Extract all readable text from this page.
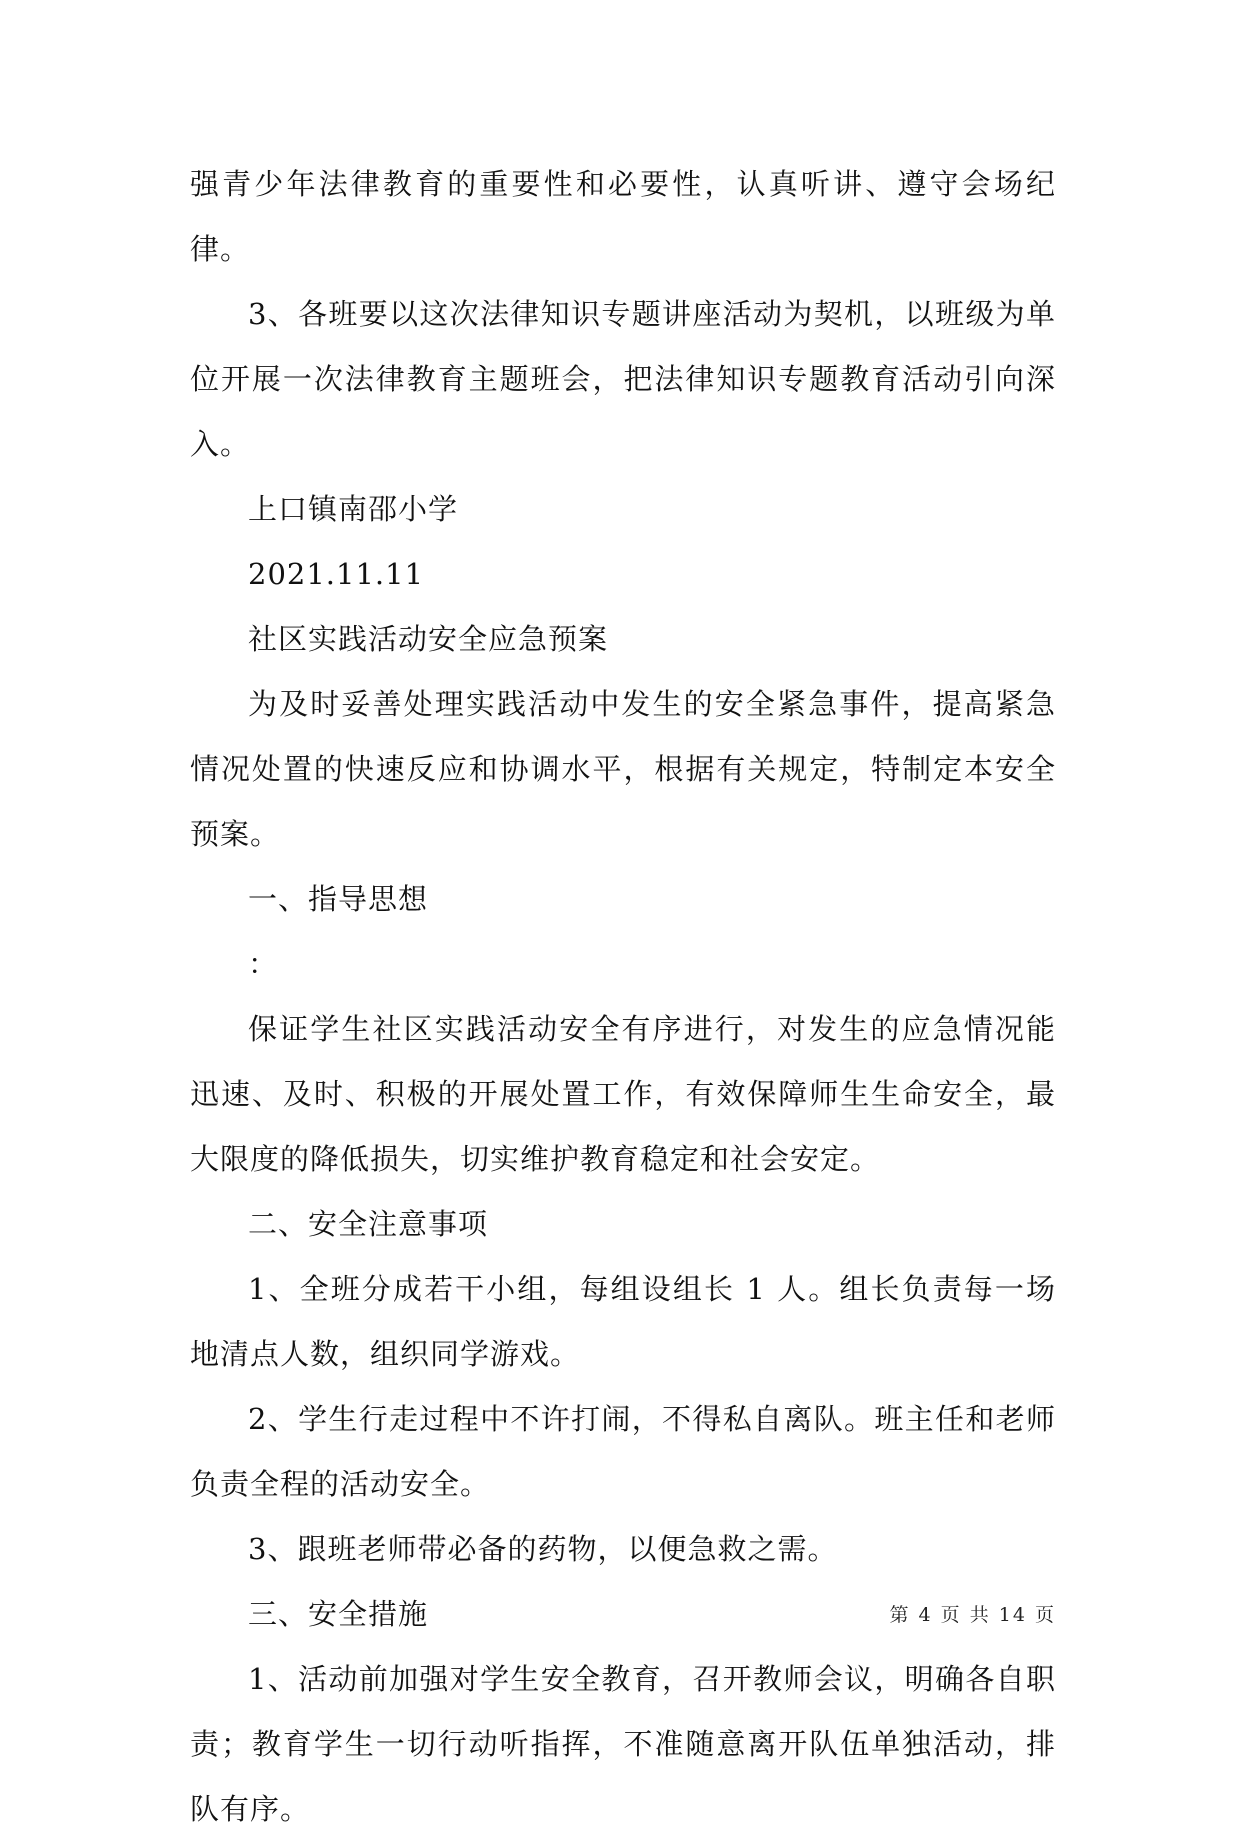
强青少年法律教育的重要性和必要性，认真听讲、遵守会场纪律。

3、各班要以这次法律知识专题讲座活动为契机，以班级为单位开展一次法律教育主题班会，把法律知识专题教育活动引向深入。

上口镇南邵小学

2021.11.11

社区实践活动安全应急预案

为及时妥善处理实践活动中发生的安全紧急事件，提高紧急情况处置的快速反应和协调水平，根据有关规定，特制定本安全预案。

一、指导思想

：

保证学生社区实践活动安全有序进行，对发生的应急情况能迅速、及时、积极的开展处置工作，有效保障师生生命安全，最大限度的降低损失，切实维护教育稳定和社会安定。

二、安全注意事项

1、全班分成若干小组，每组设组长 1 人。组长负责每一场地清点人数，组织同学游戏。

2、学生行走过程中不许打闹，不得私自离队。班主任和老师负责全程的活动安全。

3、跟班老师带必备的药物，以便急救之需。

三、安全措施

1、活动前加强对学生安全教育，召开教师会议，明确各自职责；教育学生一切行动听指挥，不准随意离开队伍单独活动，排队有序。

第 4 页 共 14 页
